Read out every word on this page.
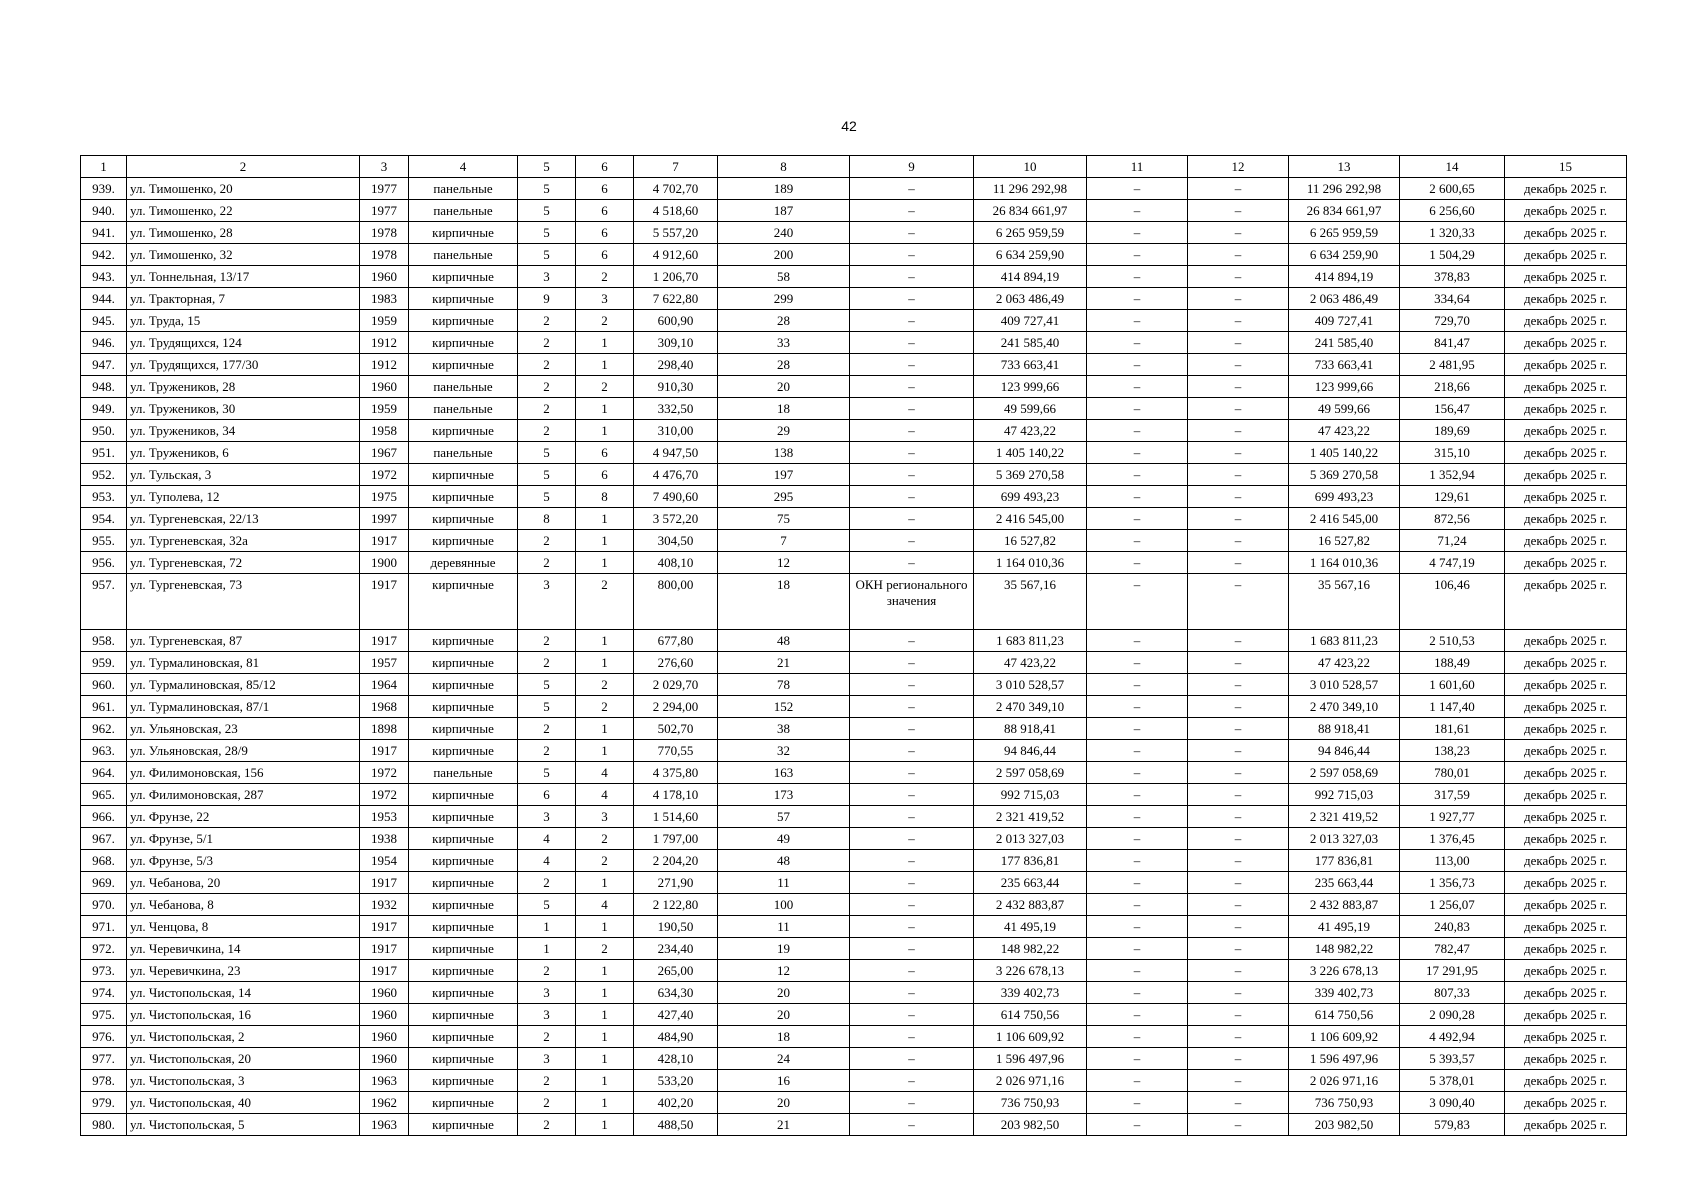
42
1	2	3	4	5	6	7	8	9	10	11	12	13	14	15
939.	ул. Тимошенко, 20	1977	панельные	5	6	4 702,70	189	–	11 296 292,98	–	–	11 296 292,98	2 600,65	декабрь 2025 г.
940.	ул. Тимошенко, 22	1977	панельные	5	6	4 518,60	187	–	26 834 661,97	–	–	26 834 661,97	6 256,60	декабрь 2025 г.
941.	ул. Тимошенко, 28	1978	кирпичные	5	6	5 557,20	240	–	6 265 959,59	–	–	6 265 959,59	1 320,33	декабрь 2025 г.
942.	ул. Тимошенко, 32	1978	панельные	5	6	4 912,60	200	–	6 634 259,90	–	–	6 634 259,90	1 504,29	декабрь 2025 г.
943.	ул. Тоннельная, 13/17	1960	кирпичные	3	2	1 206,70	58	–	414 894,19	–	–	414 894,19	378,83	декабрь 2025 г.
944.	ул. Тракторная, 7	1983	кирпичные	9	3	7 622,80	299	–	2 063 486,49	–	–	2 063 486,49	334,64	декабрь 2025 г.
945.	ул. Труда, 15	1959	кирпичные	2	2	600,90	28	–	409 727,41	–	–	409 727,41	729,70	декабрь 2025 г.
946.	ул. Трудящихся, 124	1912	кирпичные	2	1	309,10	33	–	241 585,40	–	–	241 585,40	841,47	декабрь 2025 г.
947.	ул. Трудящихся, 177/30	1912	кирпичные	2	1	298,40	28	–	733 663,41	–	–	733 663,41	2 481,95	декабрь 2025 г.
948.	ул. Тружеников, 28	1960	панельные	2	2	910,30	20	–	123 999,66	–	–	123 999,66	218,66	декабрь 2025 г.
949.	ул. Тружеников, 30	1959	панельные	2	1	332,50	18	–	49 599,66	–	–	49 599,66	156,47	декабрь 2025 г.
950.	ул. Тружеников, 34	1958	кирпичные	2	1	310,00	29	–	47 423,22	–	–	47 423,22	189,69	декабрь 2025 г.
951.	ул. Тружеников, 6	1967	панельные	5	6	4 947,50	138	–	1 405 140,22	–	–	1 405 140,22	315,10	декабрь 2025 г.
952.	ул. Тульская, 3	1972	кирпичные	5	6	4 476,70	197	–	5 369 270,58	–	–	5 369 270,58	1 352,94	декабрь 2025 г.
953.	ул. Туполева, 12	1975	кирпичные	5	8	7 490,60	295	–	699 493,23	–	–	699 493,23	129,61	декабрь 2025 г.
954.	ул. Тургеневская, 22/13	1997	кирпичные	8	1	3 572,20	75	–	2 416 545,00	–	–	2 416 545,00	872,56	декабрь 2025 г.
955.	ул. Тургеневская, 32а	1917	кирпичные	2	1	304,50	7	–	16 527,82	–	–	16 527,82	71,24	декабрь 2025 г.
956.	ул. Тургеневская, 72	1900	деревянные	2	1	408,10	12	–	1 164 010,36	–	–	1 164 010,36	4 747,19	декабрь 2025 г.
957.	ул. Тургеневская, 73	1917	кирпичные	3	2	800,00	18	ОКН регионального значения	35 567,16	–	–	35 567,16	106,46	декабрь 2025 г.
958.	ул. Тургеневская, 87	1917	кирпичные	2	1	677,80	48	–	1 683 811,23	–	–	1 683 811,23	2 510,53	декабрь 2025 г.
959.	ул. Турмалиновская, 81	1957	кирпичные	2	1	276,60	21	–	47 423,22	–	–	47 423,22	188,49	декабрь 2025 г.
960.	ул. Турмалиновская, 85/12	1964	кирпичные	5	2	2 029,70	78	–	3 010 528,57	–	–	3 010 528,57	1 601,60	декабрь 2025 г.
961.	ул. Турмалиновская, 87/1	1968	кирпичные	5	2	2 294,00	152	–	2 470 349,10	–	–	2 470 349,10	1 147,40	декабрь 2025 г.
962.	ул. Ульяновская, 23	1898	кирпичные	2	1	502,70	38	–	88 918,41	–	–	88 918,41	181,61	декабрь 2025 г.
963.	ул. Ульяновская, 28/9	1917	кирпичные	2	1	770,55	32	–	94 846,44	–	–	94 846,44	138,23	декабрь 2025 г.
964.	ул. Филимоновская, 156	1972	панельные	5	4	4 375,80	163	–	2 597 058,69	–	–	2 597 058,69	780,01	декабрь 2025 г.
965.	ул. Филимоновская, 287	1972	кирпичные	6	4	4 178,10	173	–	992 715,03	–	–	992 715,03	317,59	декабрь 2025 г.
966.	ул. Фрунзе, 22	1953	кирпичные	3	3	1 514,60	57	–	2 321 419,52	–	–	2 321 419,52	1 927,77	декабрь 2025 г.
967.	ул. Фрунзе, 5/1	1938	кирпичные	4	2	1 797,00	49	–	2 013 327,03	–	–	2 013 327,03	1 376,45	декабрь 2025 г.
968.	ул. Фрунзе, 5/3	1954	кирпичные	4	2	2 204,20	48	–	177 836,81	–	–	177 836,81	113,00	декабрь 2025 г.
969.	ул. Чебанова, 20	1917	кирпичные	2	1	271,90	11	–	235 663,44	–	–	235 663,44	1 356,73	декабрь 2025 г.
970.	ул. Чебанова, 8	1932	кирпичные	5	4	2 122,80	100	–	2 432 883,87	–	–	2 432 883,87	1 256,07	декабрь 2025 г.
971.	ул. Ченцова, 8	1917	кирпичные	1	1	190,50	11	–	41 495,19	–	–	41 495,19	240,83	декабрь 2025 г.
972.	ул. Черевичкина, 14	1917	кирпичные	1	2	234,40	19	–	148 982,22	–	–	148 982,22	782,47	декабрь 2025 г.
973.	ул. Черевичкина, 23	1917	кирпичные	2	1	265,00	12	–	3 226 678,13	–	–	3 226 678,13	17 291,95	декабрь 2025 г.
974.	ул. Чистопольская, 14	1960	кирпичные	3	1	634,30	20	–	339 402,73	–	–	339 402,73	807,33	декабрь 2025 г.
975.	ул. Чистопольская, 16	1960	кирпичные	3	1	427,40	20	–	614 750,56	–	–	614 750,56	2 090,28	декабрь 2025 г.
976.	ул. Чистопольская, 2	1960	кирпичные	2	1	484,90	18	–	1 106 609,92	–	–	1 106 609,92	4 492,94	декабрь 2025 г.
977.	ул. Чистопольская, 20	1960	кирпичные	3	1	428,10	24	–	1 596 497,96	–	–	1 596 497,96	5 393,57	декабрь 2025 г.
978.	ул. Чистопольская, 3	1963	кирпичные	2	1	533,20	16	–	2 026 971,16	–	–	2 026 971,16	5 378,01	декабрь 2025 г.
979.	ул. Чистопольская, 40	1962	кирпичные	2	1	402,20	20	–	736 750,93	–	–	736 750,93	3 090,40	декабрь 2025 г.
980.	ул. Чистопольская, 5	1963	кирпичные	2	1	488,50	21	–	203 982,50	–	–	203 982,50	579,83	декабрь 2025 г.
